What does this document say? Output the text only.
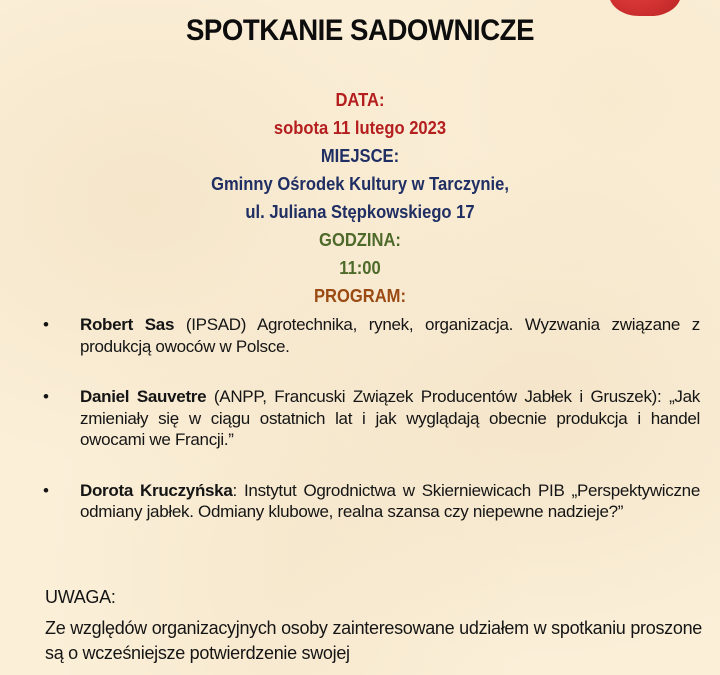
SPOTKANIE SADOWNICZE
DATA:
sobota 11 lutego 2023
MIEJSCE:
Gminny Ośrodek Kultury w Tarczynie,
ul. Juliana Stępkowskiego 17
GODZINA:
11:00
PROGRAM:
• Robert Sas (IPSAD) Agrotechnika, rynek, organizacja. Wyzwania związane z produkcją owoców w Polsce.
• Daniel Sauvetre (ANPP, Francuski Związek Producentów Jabłek i Gruszek): „Jak zmieniały się w ciągu ostatnich lat i jak wyglądają obecnie produkcja i handel owocami we Francji.”
• Dorota Kruczyńska: Instytut Ogrodnictwa w Skierniewicach PIB „Perspektywiczne odmiany jabłek. Odmiany klubowe, realna szansa czy niepewne nadzieje?”
UWAGA:
Ze względów organizacyjnych osoby zainteresowane udziałem w spotkaniu proszone są o wcześniejsze potwierdzenie swojej
